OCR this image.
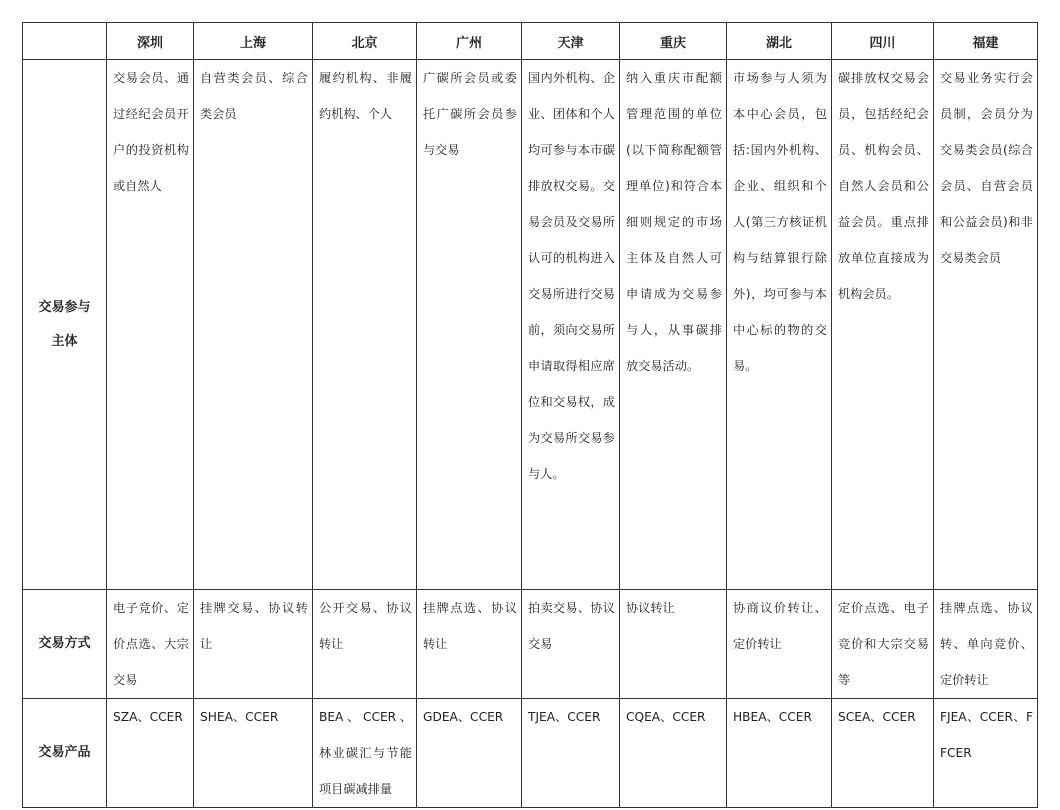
	深圳	上海	北京	广州	天津	重庆	湖北	四川	福建

交易参与
主体	交易会员、通过经纪会员开户的投资机构或自然人	自营类会员、综合类会员	履约机构、非履约机构、个人	广碳所会员或委托广碳所会员参与交易	国内外机构、企业、团体和个人均可参与本市碳排放权交易。交易会员及交易所认可的机构进入交易所进行交易前，须向交易所申请取得相应席位和交易权，成为交易所交易参与人。	纳入重庆市配额管理范围的单位(以下简称配额管理单位)和符合本细则规定的市场主体及自然人可申请成为交易参与人，从事碳排放交易活动。	市场参与人须为本中心会员，包括:国内外机构、企业、组织和个人(第三方核证机构与结算银行除外)，均可参与本中心标的物的交易。	碳排放权交易会员，包括经纪会员、机构会员、自然人会员和公益会员。重点排放单位直接成为机构会员。	交易业务实行会员制，会员分为交易类会员(综合会员、自营会员和公益会员)和非交易类会员
交易方式	电子竞价、定价点选、大宗交易	挂牌交易、协议转让	公开交易、协议转让	挂牌点选、协议转让	拍卖交易、协议交易	协议转让	协商议价转让、定价转让	定价点选、电子竞价和大宗交易等	挂牌点选、协议转、单向竞价、定价转让
交易产品	SZA、CCER	SHEA、CCER	BEA、CCER、林业碳汇与节能项目碳减排量	GDEA、CCER	TJEA、CCER	CQEA、CCER	HBEA、CCER	SCEA、CCER	FJEA、CCER、FFCER
